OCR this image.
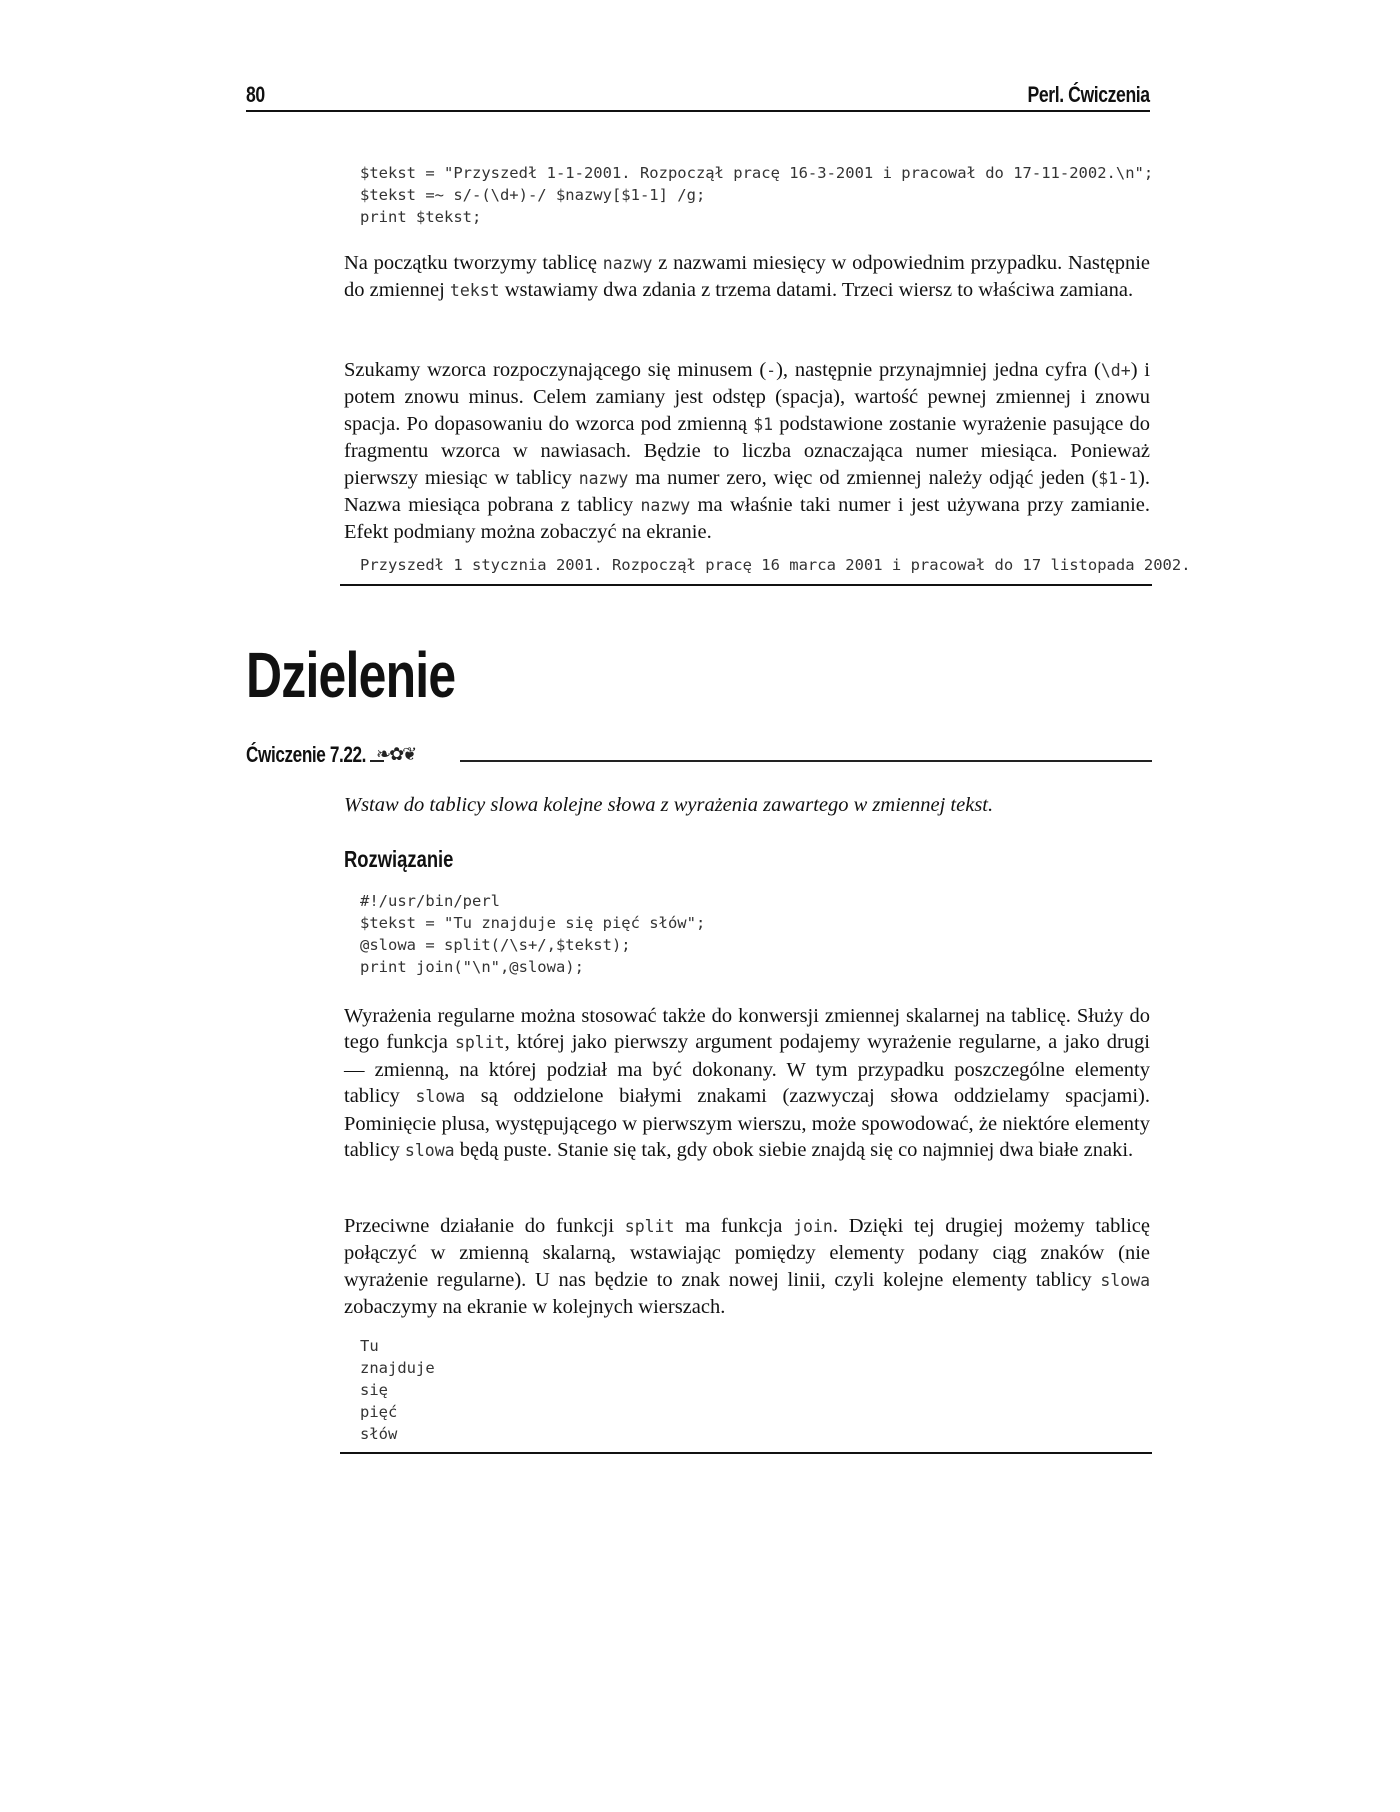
80	Perl. Ćwiczenia
$tekst = "Przyszedł 1-1-2001. Rozpoczął pracę 16-3-2001 i pracował do 17-11-2002.\n";
$tekst =~ s/-(\d+)-/ $nazwy[$1-1] /g;
print $tekst;

Na początku tworzymy tablicę nazwy z nazwami miesięcy w odpowiednim przypadku. Następnie do zmiennej tekst wstawiamy dwa zdania z trzema datami. Trzeci wiersz to właściwa zamiana.

Szukamy wzorca rozpoczynającego się minusem (-), następnie przynajmniej jedna cyfra (\d+) i potem znowu minus. Celem zamiany jest odstęp (spacja), wartość pewnej zmiennej i znowu spacja. Po dopasowaniu do wzorca pod zmienną $1 podstawione zostanie wyrażenie pasujące do fragmentu wzorca w nawiasach. Będzie to liczba oznaczająca numer miesiąca. Ponieważ pierwszy miesiąc w tablicy nazwy ma numer zero, więc od zmiennej należy odjąć jeden ($1-1). Nazwa miesiąca pobrana z tablicy nazwy ma właśnie taki numer i jest używana przy zamianie. Efekt podmiany można zobaczyć na ekranie.

Przyszedł 1 stycznia 2001. Rozpoczął pracę 16 marca 2001 i pracował do 17 listopada 2002.
Dzielenie
Ćwiczenie 7.22. ❧✿❦

Wstaw do tablicy slowa kolejne słowa z wyrażenia zawartego w zmiennej tekst.

Rozwiązanie
#!/usr/bin/perl
$tekst = "Tu znajduje się pięć słów";
@slowa = split(/\s+/,$tekst);
print join("\n",@slowa);

Wyrażenia regularne można stosować także do konwersji zmiennej skalarnej na tablicę. Służy do tego funkcja split, której jako pierwszy argument podajemy wyrażenie regularne, a jako drugi — zmienną, na której podział ma być dokonany. W tym przypadku poszczególne elementy tablicy slowa są oddzielone białymi znakami (zazwyczaj słowa oddzielamy spacjami). Pominięcie plusa, występującego w pierwszym wierszu, może spowodować, że niektóre elementy tablicy slowa będą puste. Stanie się tak, gdy obok siebie znajdą się co najmniej dwa białe znaki.

Przeciwne działanie do funkcji split ma funkcja join. Dzięki tej drugiej możemy tablicę połączyć w zmienną skalarną, wstawiając pomiędzy elementy podany ciąg znaków (nie wyrażenie regularne). U nas będzie to znak nowej linii, czyli kolejne elementy tablicy slowa zobaczymy na ekranie w kolejnych wierszach.

Tu
znajduje
się
pięć
słów
